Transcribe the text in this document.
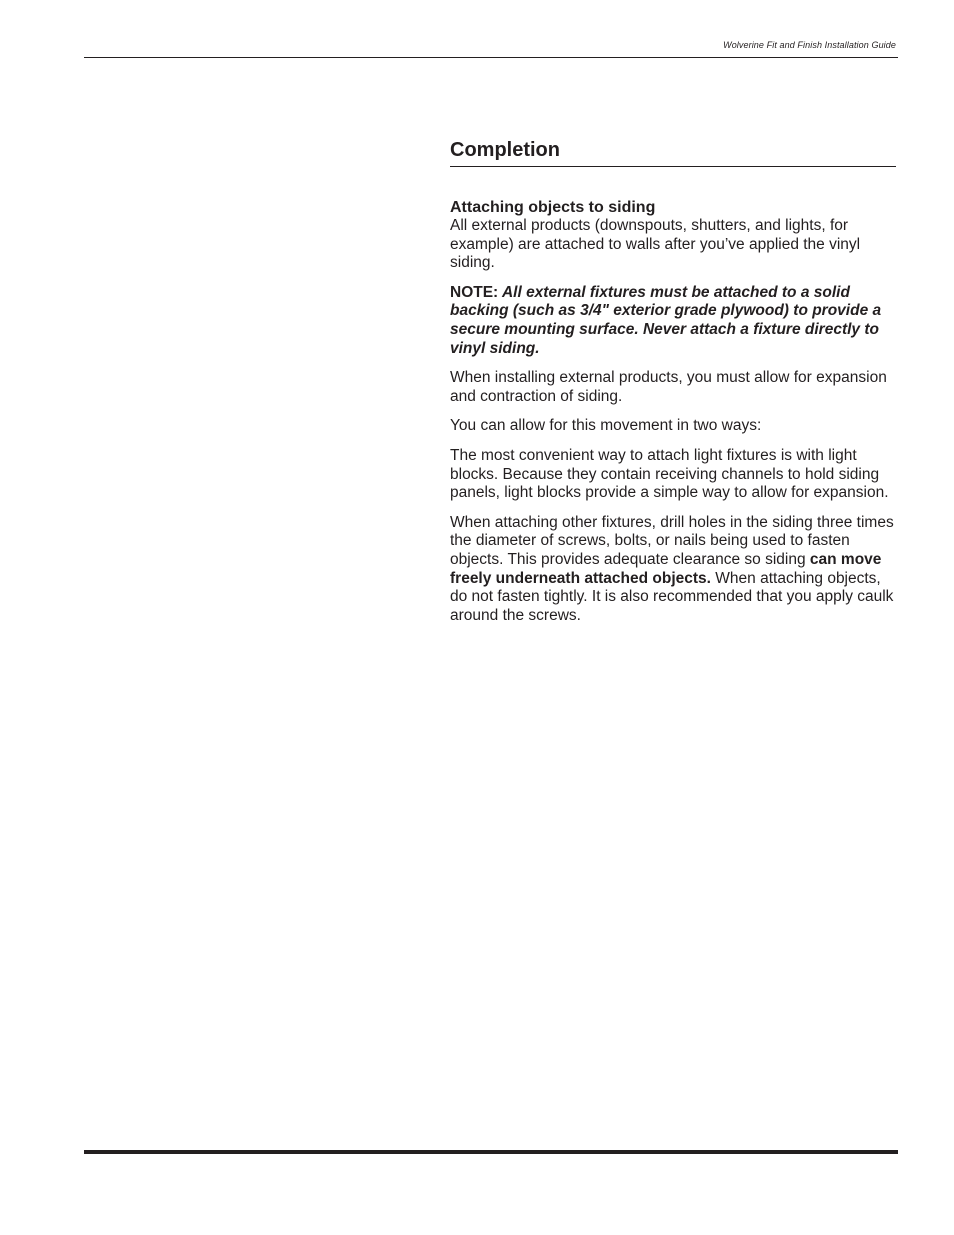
Wolverine Fit and Finish Installation Guide
Completion
Attaching objects to siding

All external products (downspouts, shutters, and lights, for example) are attached to walls after you’ve applied the vinyl siding.

NOTE: All external fixtures must be attached to a solid backing (such as 3/4" exterior grade plywood) to provide a secure mounting surface. Never attach a fixture directly to vinyl siding.

When installing external products, you must allow for expansion and contraction of siding.

You can allow for this movement in two ways:

The most convenient way to attach light fixtures is with light blocks. Because they contain receiving channels to hold siding panels, light blocks provide a simple way to allow for expansion.

When attaching other fixtures, drill holes in the siding three times the diameter of screws, bolts, or nails being used to fasten objects. This provides adequate clearance so siding can move freely underneath attached objects. When attaching objects, do not fasten tightly. It is also recommended that you apply caulk around the screws.
